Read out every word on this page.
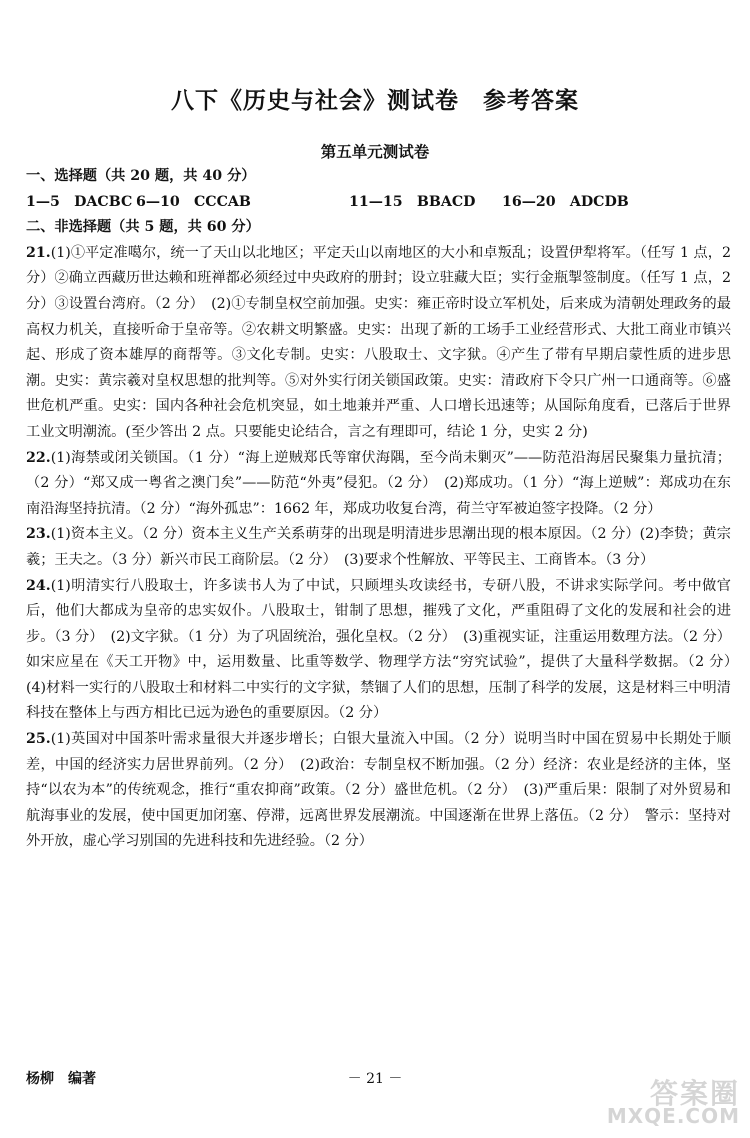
八下《历史与社会》测试卷　参考答案
第五单元测试卷

一、选择题（共 20 题，共 40 分）

1—5　DACBC 6—10　CCCAB	11—15　BBACD 16—20　ADCDB

二、非选择题（共 5 题，共 60 分）

21.(1)①平定准噶尔，统一了天山以北地区；平定天山以南地区的大小和卓叛乱；设置伊犁将军。（任写 1 点，2 分）②确立西藏历世达赖和班禅都必须经过中央政府的册封；设立驻藏大臣；实行金瓶掣签制度。（任写 1 点，2 分）③设置台湾府。（2 分）　(2)①专制皇权空前加强。史实：雍正帝时设立军机处，后来成为清朝处理政务的最高权力机关，直接听命于皇帝等。②农耕文明繁盛。史实：出现了新的工场手工业经营形式、大批工商业市镇兴起、形成了资本雄厚的商帮等。③文化专制。史实：八股取士、文字狱。④产生了带有早期启蒙性质的进步思潮。史实：黄宗羲对皇权思想的批判等。⑤对外实行闭关锁国政策。史实：清政府下令只广州一口通商等。⑥盛世危机严重。史实：国内各种社会危机突显，如土地兼并严重、人口增长迅速等；从国际角度看，已落后于世界工业文明潮流。(至少答出 2 点。只要能史论结合，言之有理即可，结论 1 分，史实 2 分)

22.(1)海禁或闭关锁国。（1 分）“海上逆贼郑氏等窜伏海隅，至今尚未剿灭”——防范沿海居民聚集力量抗清；（2 分）“郑又成一粤省之澳门矣”——防范“外夷”侵犯。（2 分）　(2)郑成功。（1 分）“海上逆贼”：郑成功在东南沿海坚持抗清。（2 分）“海外孤忠”：1662 年，郑成功收复台湾，荷兰守军被迫签字投降。（2 分）

23.(1)资本主义。（2 分）资本主义生产关系萌芽的出现是明清进步思潮出现的根本原因。（2 分）(2)李贽；黄宗羲；王夫之。（3 分）新兴市民工商阶层。（2 分）　(3)要求个性解放、平等民主、工商皆本。（3 分）

24.(1)明清实行八股取士，许多读书人为了中试，只顾埋头攻读经书，专研八股，不讲求实际学问。考中做官后，他们大都成为皇帝的忠实奴仆。八股取士，钳制了思想，摧残了文化，严重阻碍了文化的发展和社会的进步。（3 分）　(2)文字狱。（1 分）为了巩固统治，强化皇权。（2 分）　(3)重视实证，注重运用数理方法。（2 分）如宋应星在《天工开物》中，运用数量、比重等数学、物理学方法“穷究试验”，提供了大量科学数据。（2 分）　(4)材料一实行的八股取士和材料二中实行的文字狱，禁锢了人们的思想，压制了科学的发展，这是材料三中明清科技在整体上与西方相比已远为逊色的重要原因。（2 分）

25.(1)英国对中国茶叶需求量很大并逐步增长；白银大量流入中国。（2 分）说明当时中国在贸易中长期处于顺差，中国的经济实力居世界前列。（2 分）　(2)政治：专制皇权不断加强。（2 分）经济：农业是经济的主体，坚持“以农为本”的传统观念，推行“重农抑商”政策。（2 分）盛世危机。（2 分）　(3)严重后果：限制了对外贸易和航海事业的发展，使中国更加闭塞、停滞，远离世界发展潮流。中国逐渐在世界上落伍。（2 分）　警示：坚持对外开放，虚心学习别国的先进科技和先进经验。（2 分）

杨柳　编著	－ 21 －	答案圈
MXQE.COM
